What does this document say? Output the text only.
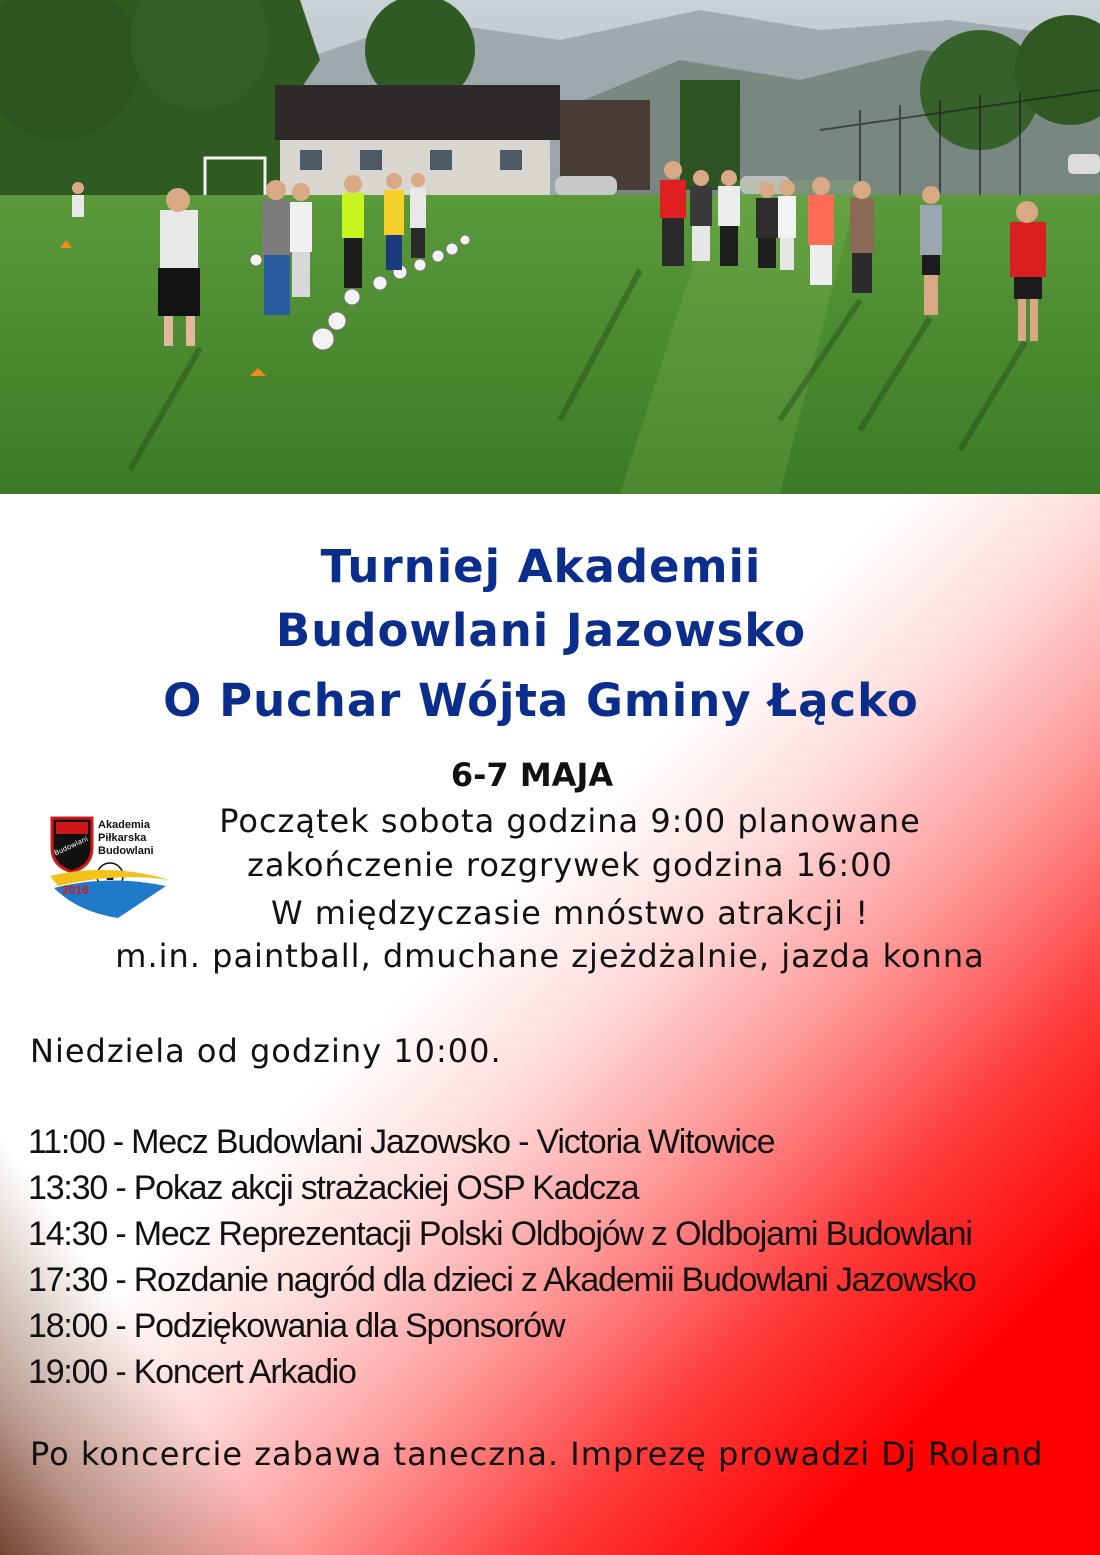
Turniej Akademii
Budowlani Jazowsko
O Puchar Wójta Gminy Łącko
6-7 MAJA
Budowlani
Akademia
Piłkarska
Budowlani
2016
Początek sobota godzina 9:00 planowane
zakończenie rozgrywek godzina 16:00
W międzyczasie mnóstwo atrakcji !
m.in. paintball, dmuchane zjeżdżalnie, jazda konna
Niedziela od godziny 10:00.
11:00 - Mecz Budowlani Jazowsko - Victoria Witowice
13:30 - Pokaz akcji strażackiej OSP Kadcza
14:30 - Mecz Reprezentacji Polski Oldbojów z Oldbojami Budowlani
17:30 - Rozdanie nagród dla dzieci z Akademii Budowlani Jazowsko
18:00 - Podziękowania dla Sponsorów
19:00 - Koncert Arkadio
Po koncercie zabawa taneczna. Imprezę prowadzi Dj Roland
